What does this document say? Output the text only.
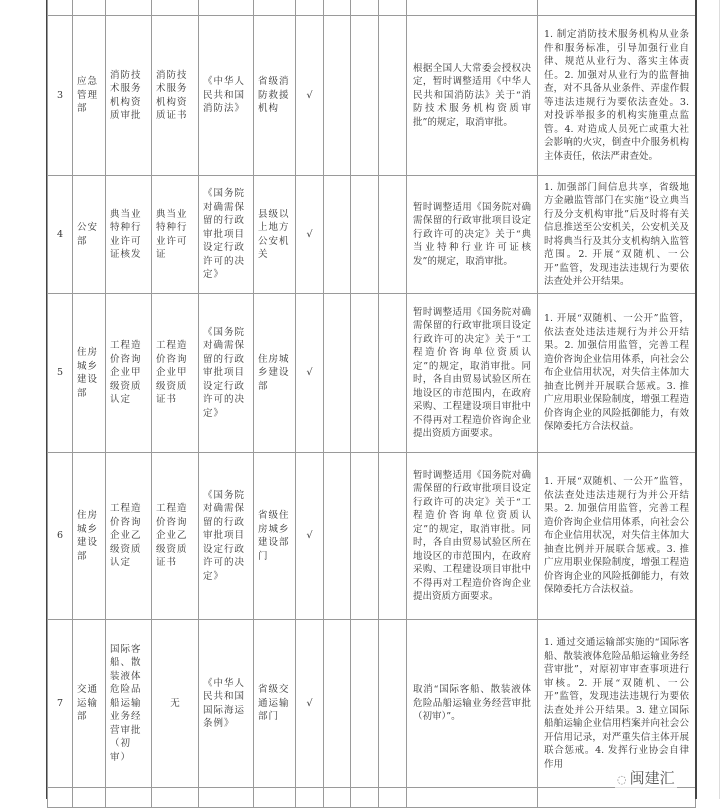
3	应急管理部	消防技术服务机构资质审批	消防技术服务机构资质证书	《中华人民共和国消防法》	省级消防救援机构	√				根据全国人大常委会授权决定，暂时调整适用《中华人民共和国消防法》关于“消防技术服务机构资质审批”的规定，取消审批。	1. 制定消防技术服务机构从业条件和服务标准，引导加强行业自律、规范从业行为、落实主体责任。2. 加强对从业行为的监督抽查，对不具备从业条件、弄虚作假等违法违规行为要依法查处。3. 对投诉举报多的机构实施重点监管。4. 对造成人员死亡或重大社会影响的火灾，倒查中介服务机构主体责任，依法严肃查处。
4	公安部	典当业特种行业许可证核发	典当业特种行业许可证	《国务院对确需保留的行政审批项目设定行政许可的决定》	县级以上地方公安机关	√				暂时调整适用《国务院对确需保留的行政审批项目设定行政许可的决定》关于“典当业特种行业许可证核发”的规定，取消审批。	1. 加强部门间信息共享，省级地方金融监管部门在实施“设立典当行及分支机构审批”后及时将有关信息推送至公安机关，公安机关及时将典当行及其分支机构纳入监管范围。2. 开展“双随机、一公开”监管，发现违法违规行为要依法查处并公开结果。
5	住房城乡建设部	工程造价咨询企业甲级资质认定	工程造价咨询企业甲级资质证书	《国务院对确需保留的行政审批项目设定行政许可的决定》	住房城乡建设部	√				暂时调整适用《国务院对确需保留的行政审批项目设定行政许可的决定》关于“工程造价咨询单位资质认定”的规定，取消审批。同时，各自由贸易试验区所在地设区的市范围内，在政府采购、工程建设项目审批中不得再对工程造价咨询企业提出资质方面要求。	1. 开展“双随机、一公开”监管，依法查处违法违规行为并公开结果。2. 加强信用监管，完善工程造价咨询企业信用体系，向社会公布企业信用状况，对失信主体加大抽查比例并开展联合惩戒。3. 推广应用职业保险制度，增强工程造价咨询企业的风险抵御能力，有效保障委托方合法权益。
6	住房城乡建设部	工程造价咨询企业乙级资质认定	工程造价咨询企业乙级资质证书	《国务院对确需保留的行政审批项目设定行政许可的决定》	省级住房城乡建设部门	√				暂时调整适用《国务院对确需保留的行政审批项目设定行政许可的决定》关于“工程造价咨询单位资质认定”的规定，取消审批。同时，各自由贸易试验区所在地设区的市范围内，在政府采购、工程建设项目审批中不得再对工程造价咨询企业提出资质方面要求。	1. 开展“双随机、一公开”监管，依法查处违法违规行为并公开结果。2. 加强信用监管，完善工程造价咨询企业信用体系，向社会公布企业信用状况，对失信主体加大抽查比例并开展联合惩戒。3. 推广应用职业保险制度，增强工程造价咨询企业的风险抵御能力，有效保障委托方合法权益。
7	交通运输部	国际客船、散装液体危险品船运输业务经营审批（初审）	无	《中华人民共和国国际海运条例》	省级交通运输部门	√				取消“国际客船、散装液体危险品船运输业务经营审批（初审）”。	1. 通过交通运输部实施的“国际客船、散装液体危险品船运输业务经营审批”，对原初审审查事项进行审核。2. 开展“双随机、一公开”监管，发现违法违规行为要依法查处并公开结果。3. 建立国际船舶运输企业信用档案并向社会公开信用记录，对严重失信主体开展联合惩戒。4. 发挥行业协会自律作用

◌ 闽建汇
